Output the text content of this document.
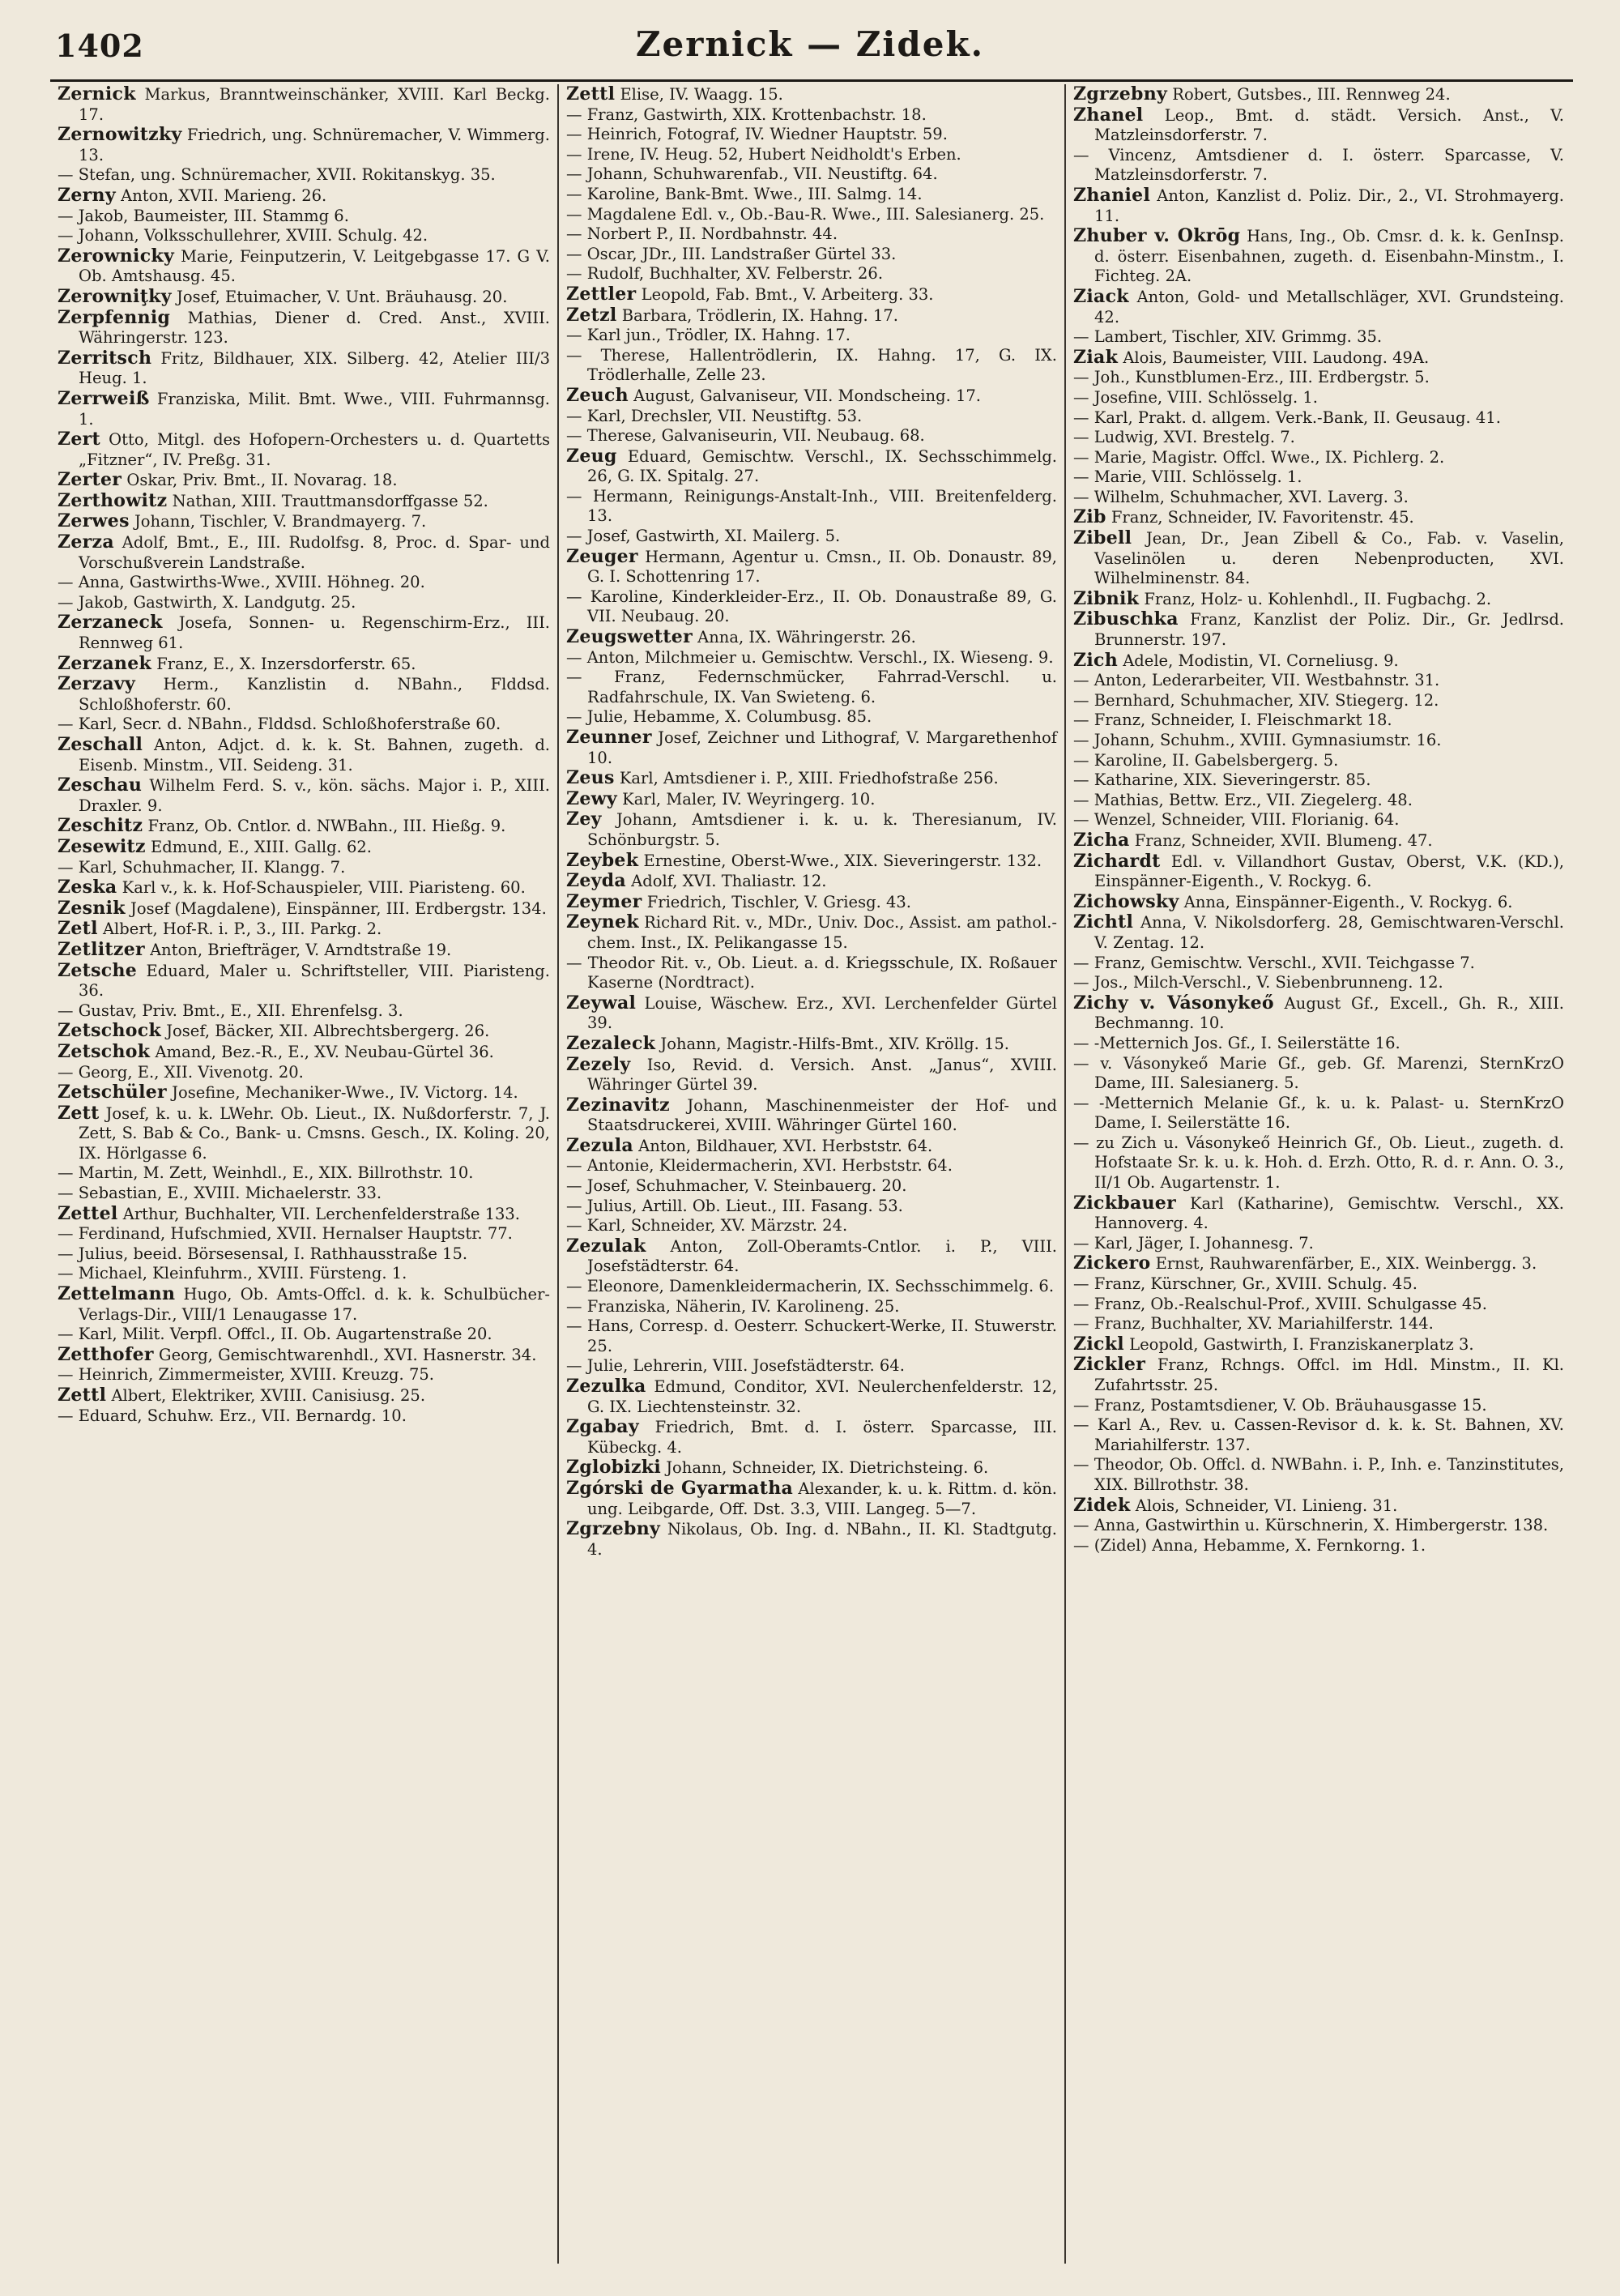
1402	Zernick — Zidek.

Zernick Markus, Branntweinschänker, XVIII. Karl Beckg. 17.

Zernowitzky Friedrich, ung. Schnüremacher, V. Wimmerg. 13.

— Stefan, ung. Schnüremacher, XVII. Rokitanskyg. 35.

Zerny Anton, XVII. Marieng. 26.

— Jakob, Baumeister, III. Stammg 6.

— Johann, Volksschullehrer, XVIII. Schulg. 42.

Zerownicky Marie, Feinputzerin, V. Leitgebgasse 17. G V. Ob. Amtshausg. 45.

Zerowniţky Josef, Etuimacher, V. Unt. Bräuhausg. 20.

Zerpfennig Mathias, Diener d. Cred. Anst., XVIII. Währingerstr. 123.

Zerritsch Fritz, Bildhauer, XIX. Silberg. 42, Atelier III/3 Heug. 1.

Zerrweiß Franziska, Milit. Bmt. Wwe., VIII. Fuhrmannsg. 1.

Zert Otto, Mitgl. des Hofopern-Orchesters u. d. Quartetts „Fitzner“, IV. Preßg. 31.

Zerter Oskar, Priv. Bmt., II. Novarag. 18.

Zerthowitz Nathan, XIII. Trauttmansdorffgasse 52.

Zerwes Johann, Tischler, V. Brandmayerg. 7.

Zerza Adolf, Bmt., E., III. Rudolfsg. 8, Proc. d. Spar- und Vorschußverein Landstraße.

— Anna, Gastwirths-Wwe., XVIII. Höhneg. 20.

— Jakob, Gastwirth, X. Landgutg. 25.

Zerzaneck Josefa, Sonnen- u. Regenschirm-Erz., III. Rennweg 61.

Zerzanek Franz, E., X. Inzersdorferstr. 65.

Zerzavy Herm., Kanzlistin d. NBahn., Flddsd. Schloßhoferstr. 60.

— Karl, Secr. d. NBahn., Flddsd. Schloßhoferstraße 60.

Zeschall Anton, Adjct. d. k. k. St. Bahnen, zugeth. d. Eisenb. Minstm., VII. Seideng. 31.

Zeschau Wilhelm Ferd. S. v., kön. sächs. Major i. P., XIII. Draxler. 9.

Zeschitz Franz, Ob. Cntlor. d. NWBahn., III. Hießg. 9.

Zesewitz Edmund, E., XIII. Gallg. 62.

— Karl, Schuhmacher, II. Klangg. 7.

Zeska Karl v., k. k. Hof-Schauspieler, VIII. Piaristeng. 60.

Zesnik Josef (Magdalene), Einspänner, III. Erdbergstr. 134.

Zetl Albert, Hof-R. i. P., 3., III. Parkg. 2.

Zetlitzer Anton, Briefträger, V. Arndtstraße 19.

Zetsche Eduard, Maler u. Schriftsteller, VIII. Piaristeng. 36.

— Gustav, Priv. Bmt., E., XII. Ehrenfelsg. 3.

Zetschock Josef, Bäcker, XII. Albrechtsbergerg. 26.

Zetschok Amand, Bez.-R., E., XV. Neubau-Gürtel 36.

— Georg, E., XII. Vivenotg. 20.

Zetschüler Josefine, Mechaniker-Wwe., IV. Victorg. 14.

Zett Josef, k. u. k. LWehr. Ob. Lieut., IX. Nußdorferstr. 7, J. Zett, S. Bab & Co., Bank- u. Cmsns. Gesch., IX. Koling. 20, IX. Hörlgasse 6.

— Martin, M. Zett, Weinhdl., E., XIX. Billrothstr. 10.

— Sebastian, E., XVIII. Michaelerstr. 33.

Zettel Arthur, Buchhalter, VII. Lerchenfelderstraße 133.

— Ferdinand, Hufschmied, XVII. Hernalser Hauptstr. 77.

— Julius, beeid. Börsesensal, I. Rathhausstraße 15.

— Michael, Kleinfuhrm., XVIII. Fürsteng. 1.

Zettelmann Hugo, Ob. Amts-Offcl. d. k. k. Schulbücher-Verlags-Dir., VIII/1 Lenaugasse 17.

— Karl, Milit. Verpfl. Offcl., II. Ob. Augartenstraße 20.

Zetthofer Georg, Gemischtwarenhdl., XVI. Hasnerstr. 34.

— Heinrich, Zimmermeister, XVIII. Kreuzg. 75.

Zettl Albert, Elektriker, XVIII. Canisiusg. 25.

— Eduard, Schuhw. Erz., VII. Bernardg. 10.

Zettl Elise, IV. Waagg. 15.

— Franz, Gastwirth, XIX. Krottenbachstr. 18.

— Heinrich, Fotograf, IV. Wiedner Hauptstr. 59.

— Irene, IV. Heug. 52, Hubert Neidholdt's Erben.

— Johann, Schuhwarenfab., VII. Neustiftg. 64.

— Karoline, Bank-Bmt. Wwe., III. Salmg. 14.

— Magdalene Edl. v., Ob.-Bau-R. Wwe., III. Salesianerg. 25.

— Norbert P., II. Nordbahnstr. 44.

— Oscar, JDr., III. Landstraßer Gürtel 33.

— Rudolf, Buchhalter, XV. Felberstr. 26.

Zettler Leopold, Fab. Bmt., V. Arbeiterg. 33.

Zetzl Barbara, Trödlerin, IX. Hahng. 17.

— Karl jun., Trödler, IX. Hahng. 17.

— Therese, Hallentrödlerin, IX. Hahng. 17, G. IX. Trödlerhalle, Zelle 23.

Zeuch August, Galvaniseur, VII. Mondscheing. 17.

— Karl, Drechsler, VII. Neustiftg. 53.

— Therese, Galvaniseurin, VII. Neubaug. 68.

Zeug Eduard, Gemischtw. Verschl., IX. Sechsschimmelg. 26, G. IX. Spitalg. 27.

— Hermann, Reinigungs-Anstalt-Inh., VIII. Breitenfelderg. 13.

— Josef, Gastwirth, XI. Mailerg. 5.

Zeuger Hermann, Agentur u. Cmsn., II. Ob. Donaustr. 89, G. I. Schottenring 17.

— Karoline, Kinderkleider-Erz., II. Ob. Donaustraße 89, G. VII. Neubaug. 20.

Zeugswetter Anna, IX. Währingerstr. 26.

— Anton, Milchmeier u. Gemischtw. Verschl., IX. Wieseng. 9.

— Franz, Federnschmücker, Fahrrad-Verschl. u. Radfahrschule, IX. Van Swieteng. 6.

— Julie, Hebamme, X. Columbusg. 85.

Zeunner Josef, Zeichner und Lithograf, V. Margarethenhof 10.

Zeus Karl, Amtsdiener i. P., XIII. Friedhofstraße 256.

Zewy Karl, Maler, IV. Weyringerg. 10.

Zey Johann, Amtsdiener i. k. u. k. Theresianum, IV. Schönburgstr. 5.

Zeybek Ernestine, Oberst-Wwe., XIX. Sieveringerstr. 132.

Zeyda Adolf, XVI. Thaliastr. 12.

Zeymer Friedrich, Tischler, V. Griesg. 43.

Zeynek Richard Rit. v., MDr., Univ. Doc., Assist. am pathol.-chem. Inst., IX. Pelikangasse 15.

— Theodor Rit. v., Ob. Lieut. a. d. Kriegsschule, IX. Roßauer Kaserne (Nordtract).

Zeywal Louise, Wäschew. Erz., XVI. Lerchenfelder Gürtel 39.

Zezaleck Johann, Magistr.-Hilfs-Bmt., XIV. Kröllg. 15.

Zezely Iso, Revid. d. Versich. Anst. „Janus“, XVIII. Währinger Gürtel 39.

Zezinavitz Johann, Maschinenmeister der Hof- und Staatsdruckerei, XVIII. Währinger Gürtel 160.

Zezula Anton, Bildhauer, XVI. Herbststr. 64.

— Antonie, Kleidermacherin, XVI. Herbststr. 64.

— Josef, Schuhmacher, V. Steinbauerg. 20.

— Julius, Artill. Ob. Lieut., III. Fasang. 53.

— Karl, Schneider, XV. Märzstr. 24.

Zezulak Anton, Zoll-Oberamts-Cntlor. i. P., VIII. Josefstädterstr. 64.

— Eleonore, Damenkleidermacherin, IX. Sechsschimmelg. 6.

— Franziska, Näherin, IV. Karolineng. 25.

— Hans, Corresp. d. Oesterr. Schuckert-Werke, II. Stuwerstr. 25.

— Julie, Lehrerin, VIII. Josefstädterstr. 64.

Zezulka Edmund, Conditor, XVI. Neulerchenfelderstr. 12, G. IX. Liechtensteinstr. 32.

Zgabay Friedrich, Bmt. d. I. österr. Sparcasse, III. Kübeckg. 4.

Zglobizki Johann, Schneider, IX. Dietrichsteing. 6.

Zgórski de Gyarmatha Alexander, k. u. k. Rittm. d. kön. ung. Leibgarde, Off. Dst. 3.3, VIII. Langeg. 5—7.

Zgrzebny Nikolaus, Ob. Ing. d. NBahn., II. Kl. Stadtgutg. 4.

Zgrzebny Robert, Gutsbes., III. Rennweg 24.

Zhanel Leop., Bmt. d. städt. Versich. Anst., V. Matzleinsdorferstr. 7.

— Vincenz, Amtsdiener d. I. österr. Sparcasse, V. Matzleinsdorferstr. 7.

Zhaniel Anton, Kanzlist d. Poliz. Dir., 2., VI. Strohmayerg. 11.

Zhuber v. Okrōg Hans, Ing., Ob. Cmsr. d. k. k. GenInsp. d. österr. Eisenbahnen, zugeth. d. Eisenbahn-Minstm., I. Fichteg. 2A.

Ziack Anton, Gold- und Metallschläger, XVI. Grundsteing. 42.

— Lambert, Tischler, XIV. Grimmg. 35.

Ziak Alois, Baumeister, VIII. Laudong. 49A.

— Joh., Kunstblumen-Erz., III. Erdbergstr. 5.

— Josefine, VIII. Schlösselg. 1.

— Karl, Prakt. d. allgem. Verk.-Bank, II. Geusaug. 41.

— Ludwig, XVI. Brestelg. 7.

— Marie, Magistr. Offcl. Wwe., IX. Pichlerg. 2.

— Marie, VIII. Schlösselg. 1.

— Wilhelm, Schuhmacher, XVI. Laverg. 3.

Zib Franz, Schneider, IV. Favoritenstr. 45.

Zibell Jean, Dr., Jean Zibell & Co., Fab. v. Vaselin, Vaselinölen u. deren Nebenproducten, XVI. Wilhelminenstr. 84.

Zibnik Franz, Holz- u. Kohlenhdl., II. Fugbachg. 2.

Zibuschka Franz, Kanzlist der Poliz. Dir., Gr. Jedlrsd. Brunnerstr. 197.

Zich Adele, Modistin, VI. Corneliusg. 9.

— Anton, Lederarbeiter, VII. Westbahnstr. 31.

— Bernhard, Schuhmacher, XIV. Stiegerg. 12.

— Franz, Schneider, I. Fleischmarkt 18.

— Johann, Schuhm., XVIII. Gymnasiumstr. 16.

— Karoline, II. Gabelsbergerg. 5.

— Katharine, XIX. Sieveringerstr. 85.

— Mathias, Bettw. Erz., VII. Ziegelerg. 48.

— Wenzel, Schneider, VIII. Florianig. 64.

Zicha Franz, Schneider, XVII. Blumeng. 47.

Zichardt Edl. v. Villandhort Gustav, Oberst, V.K. (KD.), Einspänner-Eigenth., V. Rockyg. 6.

Zichowsky Anna, Einspänner-Eigenth., V. Rockyg. 6.

Zichtl Anna, V. Nikolsdorferg. 28, Gemischtwaren-Verschl. V. Zentag. 12.

— Franz, Gemischtw. Verschl., XVII. Teichgasse 7.

— Jos., Milch-Verschl., V. Siebenbrunneng. 12.

Zichy v. Vásonykeő August Gf., Excell., Gh. R., XIII. Bechmanng. 10.

— -Metternich Jos. Gf., I. Seilerstätte 16.

— v. Vásonykeő Marie Gf., geb. Gf. Marenzi, SternKrzO Dame, III. Salesianerg. 5.

— -Metternich Melanie Gf., k. u. k. Palast- u. SternKrzO Dame, I. Seilerstätte 16.

— zu Zich u. Vásonykeő Heinrich Gf., Ob. Lieut., zugeth. d. Hofstaate Sr. k. u. k. Hoh. d. Erzh. Otto, R. d. r. Ann. O. 3., II/1 Ob. Augartenstr. 1.

Zickbauer Karl (Katharine), Gemischtw. Verschl., XX. Hannoverg. 4.

— Karl, Jäger, I. Johannesg. 7.

Zickero Ernst, Rauhwarenfärber, E., XIX. Weinbergg. 3.

— Franz, Kürschner, Gr., XVIII. Schulg. 45.

— Franz, Ob.-Realschul-Prof., XVIII. Schulgasse 45.

— Franz, Buchhalter, XV. Mariahilferstr. 144.

Zickl Leopold, Gastwirth, I. Franziskanerplatz 3.

Zickler Franz, Rchngs. Offcl. im Hdl. Minstm., II. Kl. Zufahrtsstr. 25.

— Franz, Postamtsdiener, V. Ob. Bräuhausgasse 15.

— Karl A., Rev. u. Cassen-Revisor d. k. k. St. Bahnen, XV. Mariahilferstr. 137.

— Theodor, Ob. Offcl. d. NWBahn. i. P., Inh. e. Tanzinstitutes, XIX. Billrothstr. 38.

Zidek Alois, Schneider, VI. Linieng. 31.

— Anna, Gastwirthin u. Kürschnerin, X. Himbergerstr. 138.

— (Zidel) Anna, Hebamme, X. Fernkorng. 1.
